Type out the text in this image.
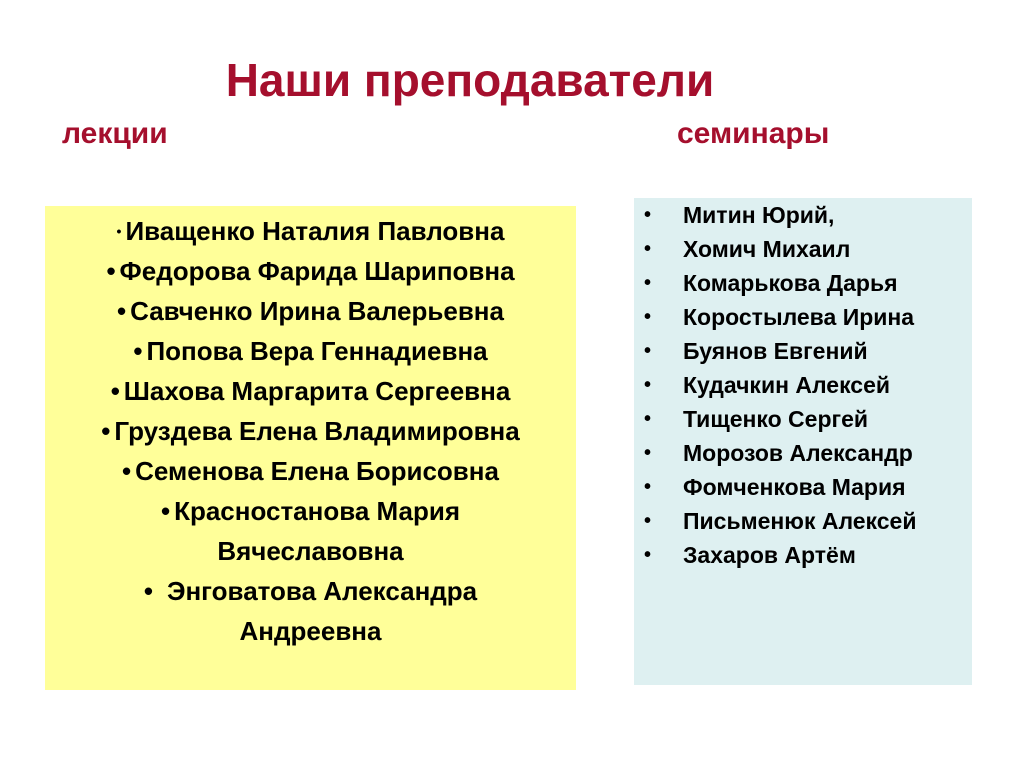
Наши преподаватели
лекции	семинары
• Иващенко Наталия Павловна
• Федорова Фарида Шариповна
• Савченко Ирина Валерьевна
• Попова Вера Геннадиевна
• Шахова Маргарита Сергеевна
• Груздева Елена Владимировна
• Семенова Елена Борисовна
• Красностанова Мария Вячеславовна
• Энговатова Александра Андреевна
• Митин Юрий,
• Хомич Михаил
• Комарькова Дарья
• Коростылева Ирина
• Буянов Евгений
• Кудачкин Алексей
• Тищенко Сергей
• Морозов Александр
• Фомченкова Мария
• Письменюк Алексей
• Захаров Артём
